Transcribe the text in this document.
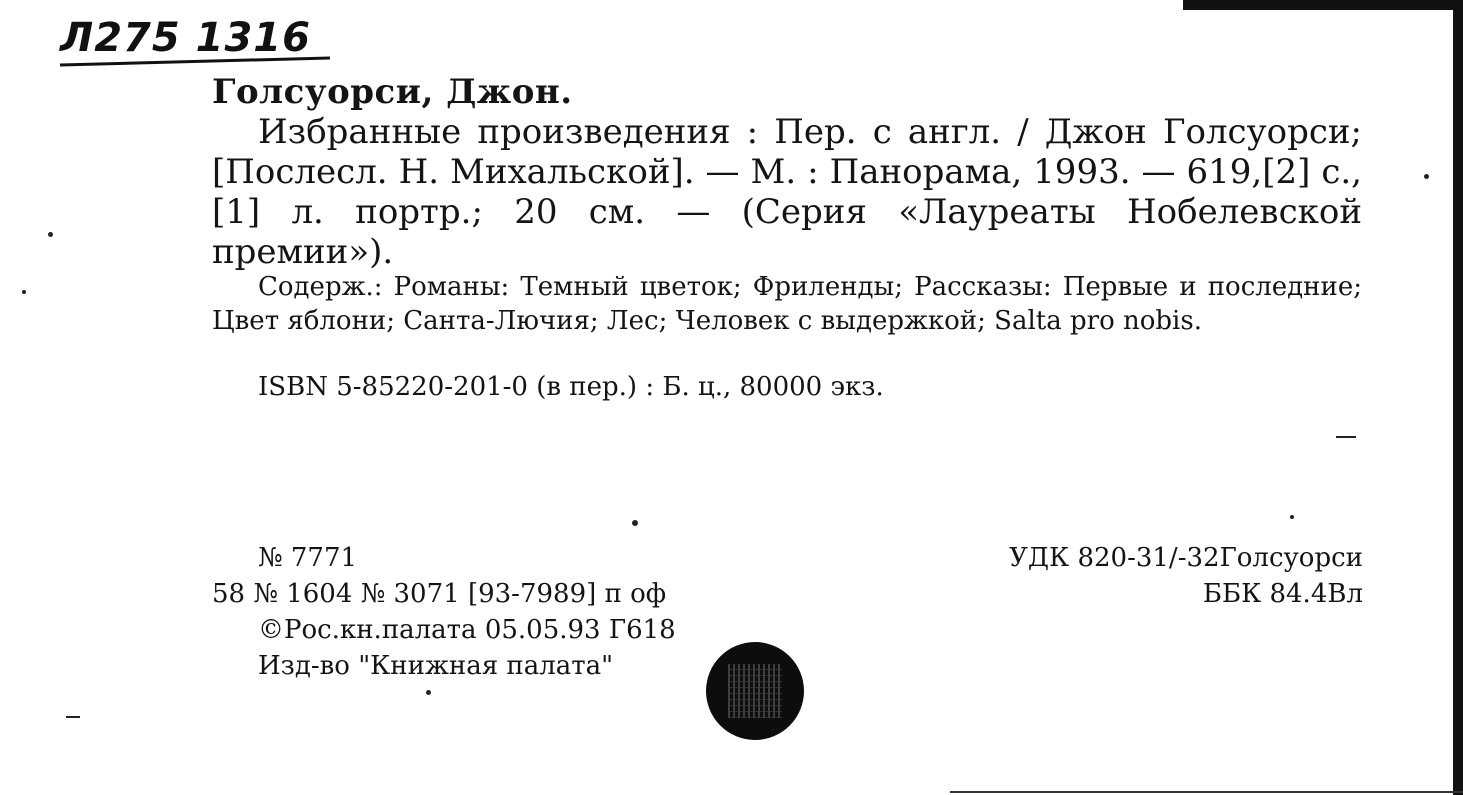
Л275 1316
Голсуорси, Джон.
Избранные произведения : Пер. с англ. / Джон Голсуорси; [Послесл. Н. Михальской]. — М. : Панорама, 1993. — 619,[2] с., [1] л. портр.; 20 см. — (Серия «Лауреаты Нобелевской премии»).
Содерж.: Романы: Темный цветок; Фриленды; Рассказы: Первые и последние; Цвет яблони; Санта-Лючия; Лес; Человек с выдержкой; Salta pro nobis.
ISBN 5-85220-201-0 (в пер.) : Б. ц., 80000 экз.
№ 7771
58 № 1604 № 3071 [93-7989] п оф
©Рос.кн.палата 05.05.93 Г618
Изд-во "Книжная палата"
УДК 820-31/-32Голсуорси
ББК 84.4Вл
